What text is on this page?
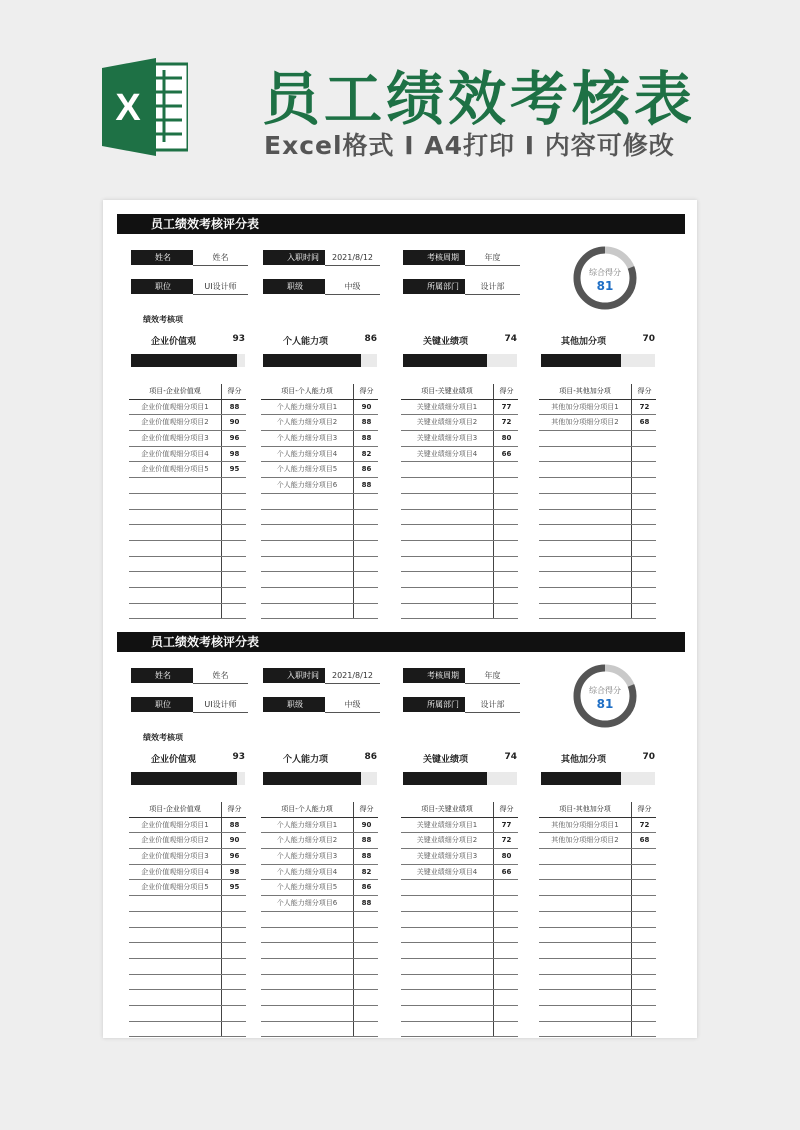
X 员工绩效考核表
Excel格式 Ι A4打印 Ι 内容可修改
员工绩效考核评分表
姓名	姓名	入职时间	2021/8/12	考核周期	年度
职位	UI设计师	职级	中级	所属部门	设计部
综合得分
81
绩效考核项
企业价值观	93
项目-企业价值观	得分
企业价值观细分项目1	88
企业价值观细分项目2	90
企业价值观细分项目3	96
企业价值观细分项目4	98
企业价值观细分项目5	95
个人能力项	86
项目-个人能力项	得分
个人能力细分项目1	90
个人能力细分项目2	88
个人能力细分项目3	88
个人能力细分项目4	82
个人能力细分项目5	86
个人能力细分项目6	88
关键业绩项	74
项目-关键业绩项	得分
关键业绩细分项目1	77
关键业绩细分项目2	72
关键业绩细分项目3	80
关键业绩细分项目4	66
其他加分项	70
项目-其他加分项	得分
其他加分项细分项目1	72
其他加分项细分项目2	68
员工绩效考核评分表
姓名	姓名	入职时间	2021/8/12	考核周期	年度
职位	UI设计师	职级	中级	所属部门	设计部
综合得分
81
绩效考核项
企业价值观	93
项目-企业价值观	得分
企业价值观细分项目1	88
企业价值观细分项目2	90
企业价值观细分项目3	96
企业价值观细分项目4	98
企业价值观细分项目5	95
个人能力项	86
项目-个人能力项	得分
个人能力细分项目1	90
个人能力细分项目2	88
个人能力细分项目3	88
个人能力细分项目4	82
个人能力细分项目5	86
个人能力细分项目6	88
关键业绩项	74
项目-关键业绩项	得分
关键业绩细分项目1	77
关键业绩细分项目2	72
关键业绩细分项目3	80
关键业绩细分项目4	66
其他加分项	70
项目-其他加分项	得分
其他加分项细分项目1	72
其他加分项细分项目2	68
